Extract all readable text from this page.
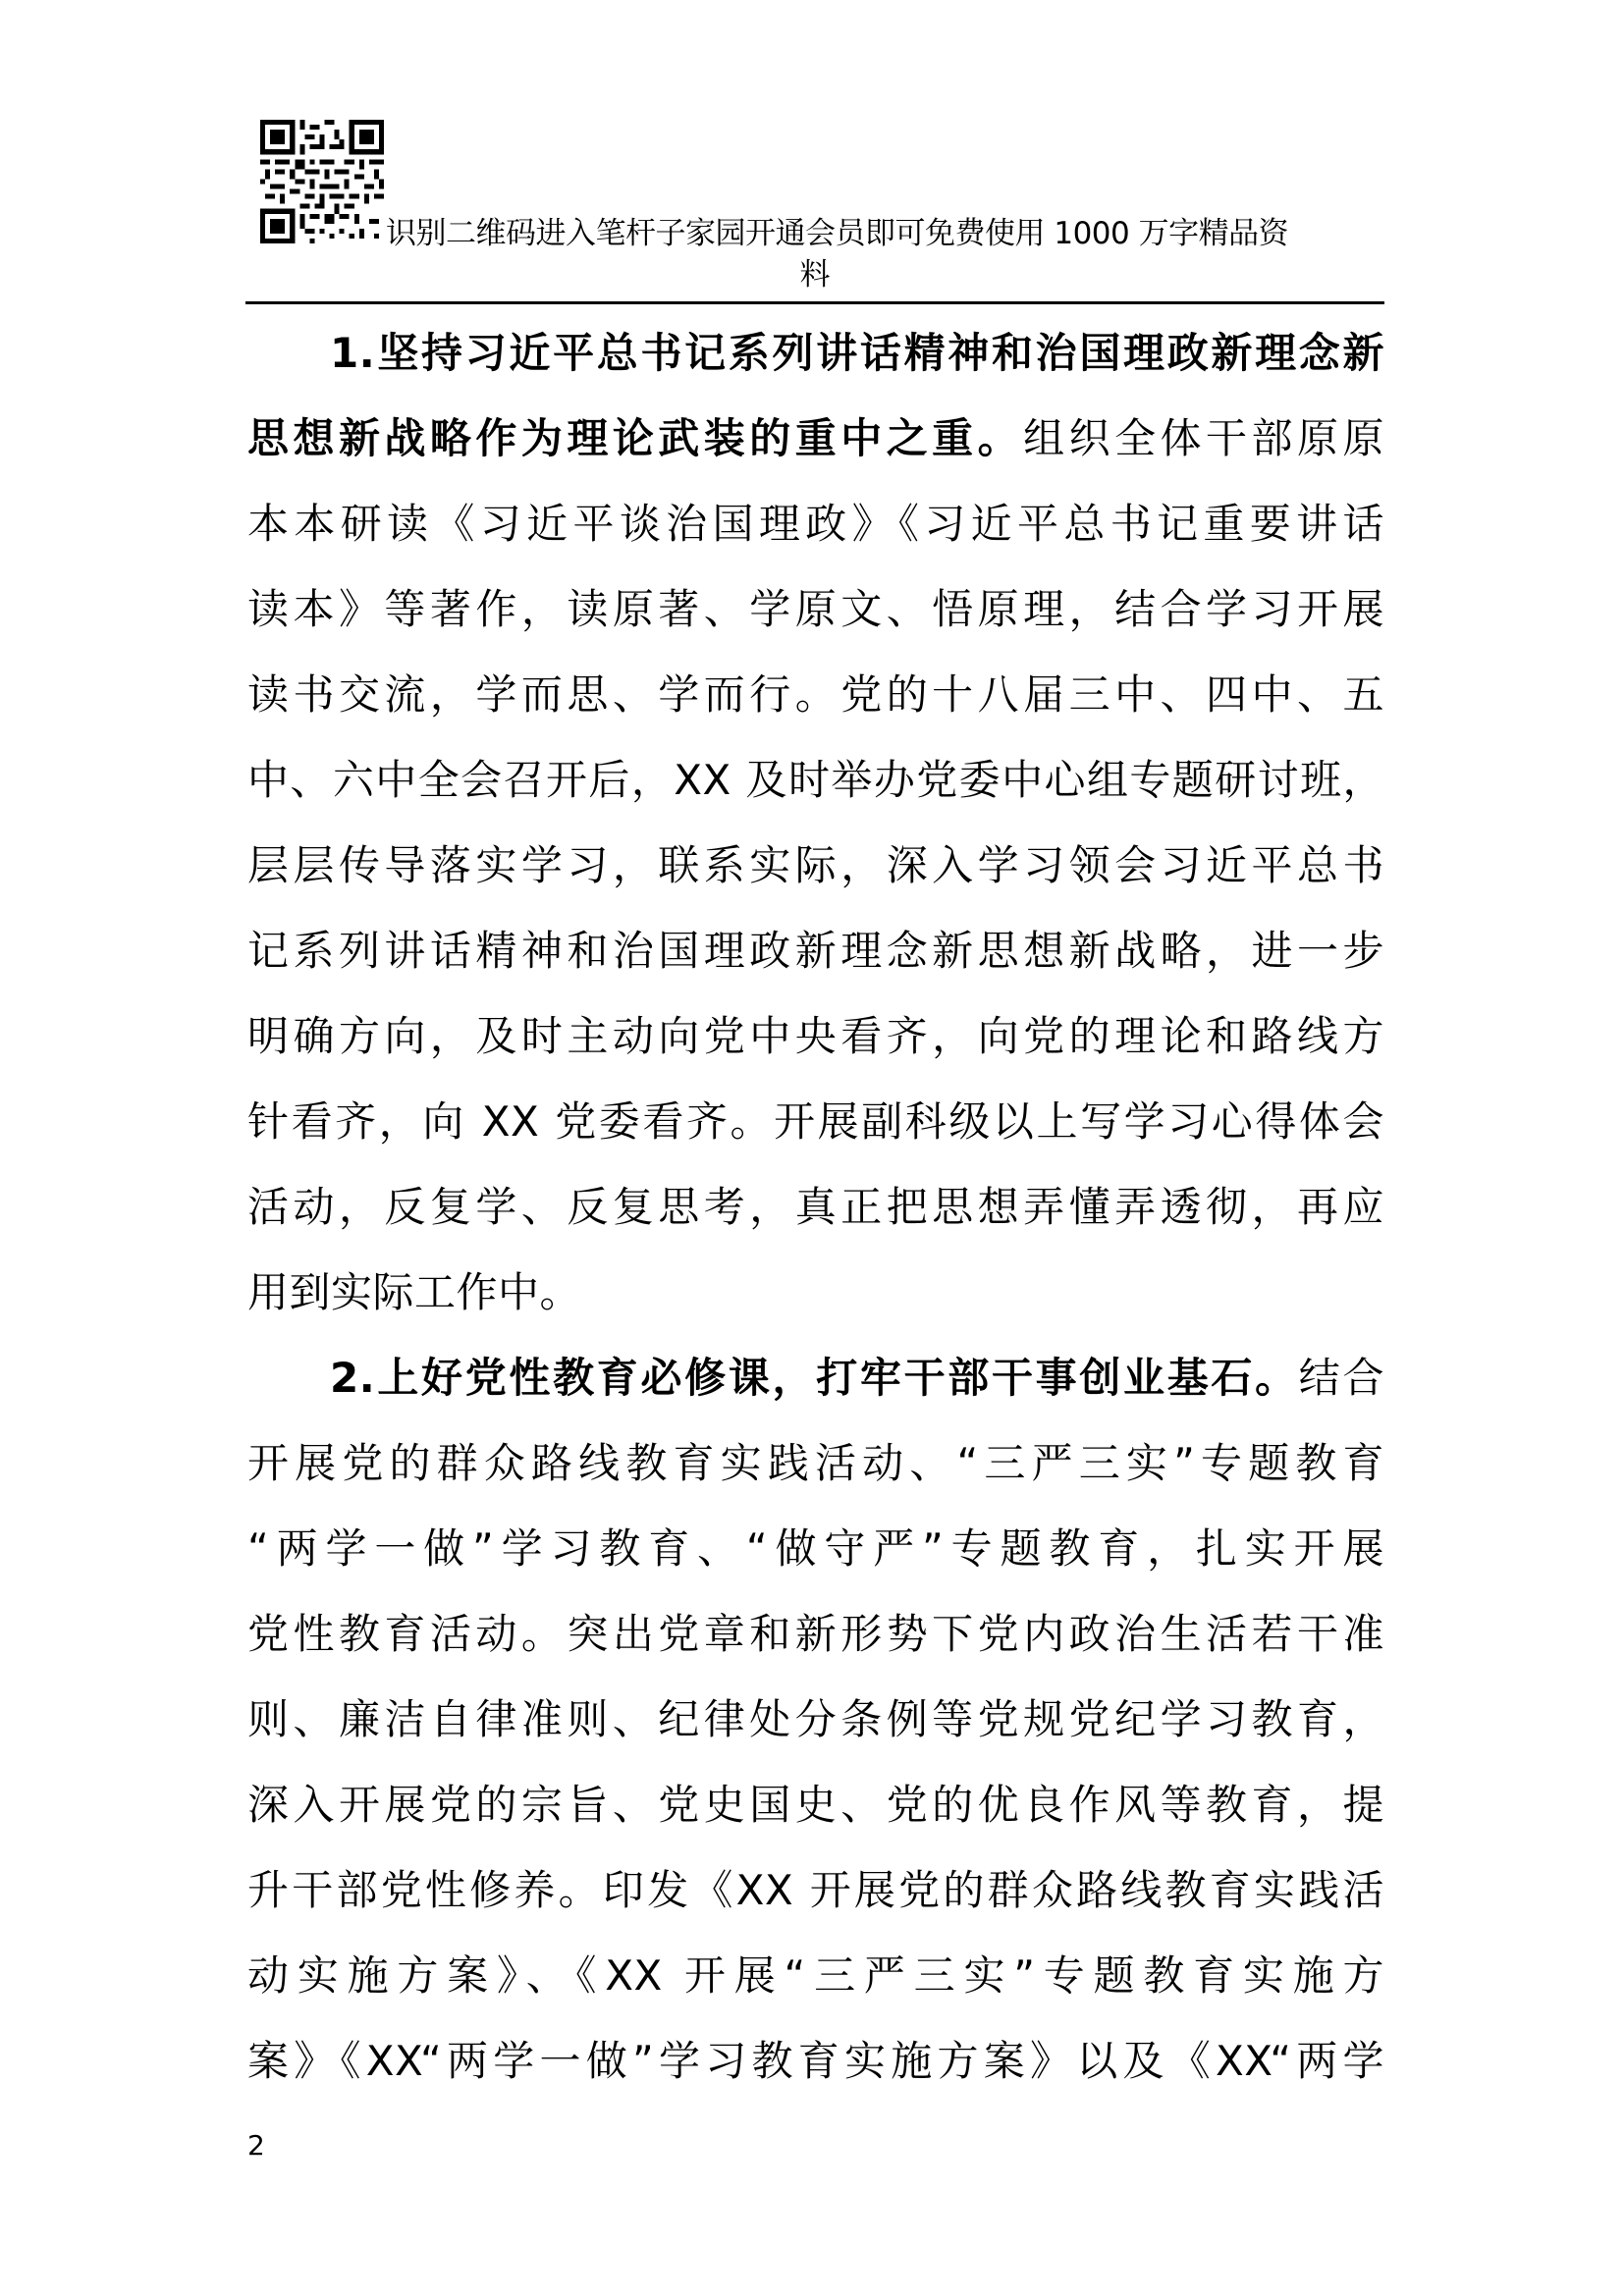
识别二维码进入笔杆子家园开通会员即可免费使用 1000 万字精品资
料
1.坚持习近平总书记系列讲话精神和治国理政新理念新
思想新战略作为理论武装的重中之重。组织全体干部原原
本本研读《习近平谈治国理政》《习近平总书记重要讲话
读本》等著作，读原著、学原文、悟原理，结合学习开展
读书交流，学而思、学而行。党的十八届三中、四中、五
中、六中全会召开后，XX 及时举办党委中心组专题研讨班，
层层传导落实学习，联系实际，深入学习领会习近平总书
记系列讲话精神和治国理政新理念新思想新战略，进一步
明确方向，及时主动向党中央看齐，向党的理论和路线方
针看齐，向 XX 党委看齐。开展副科级以上写学习心得体会
活动，反复学、反复思考，真正把思想弄懂弄透彻，再应
用到实际工作中。
2.上好党性教育必修课，打牢干部干事创业基石。结合
开展党的群众路线教育实践活动、“三严三实”专题教育
“两学一做”学习教育、“做守严”专题教育，扎实开展
党性教育活动。突出党章和新形势下党内政治生活若干准
则、廉洁自律准则、纪律处分条例等党规党纪学习教育，
深入开展党的宗旨、党史国史、党的优良作风等教育，提
升干部党性修养。印发《XX 开展党的群众路线教育实践活
动实施方案》、《XX 开展“三严三实”专题教育实施方
案》《XX“两学一做”学习教育实施方案》以及《XX“两学
2
